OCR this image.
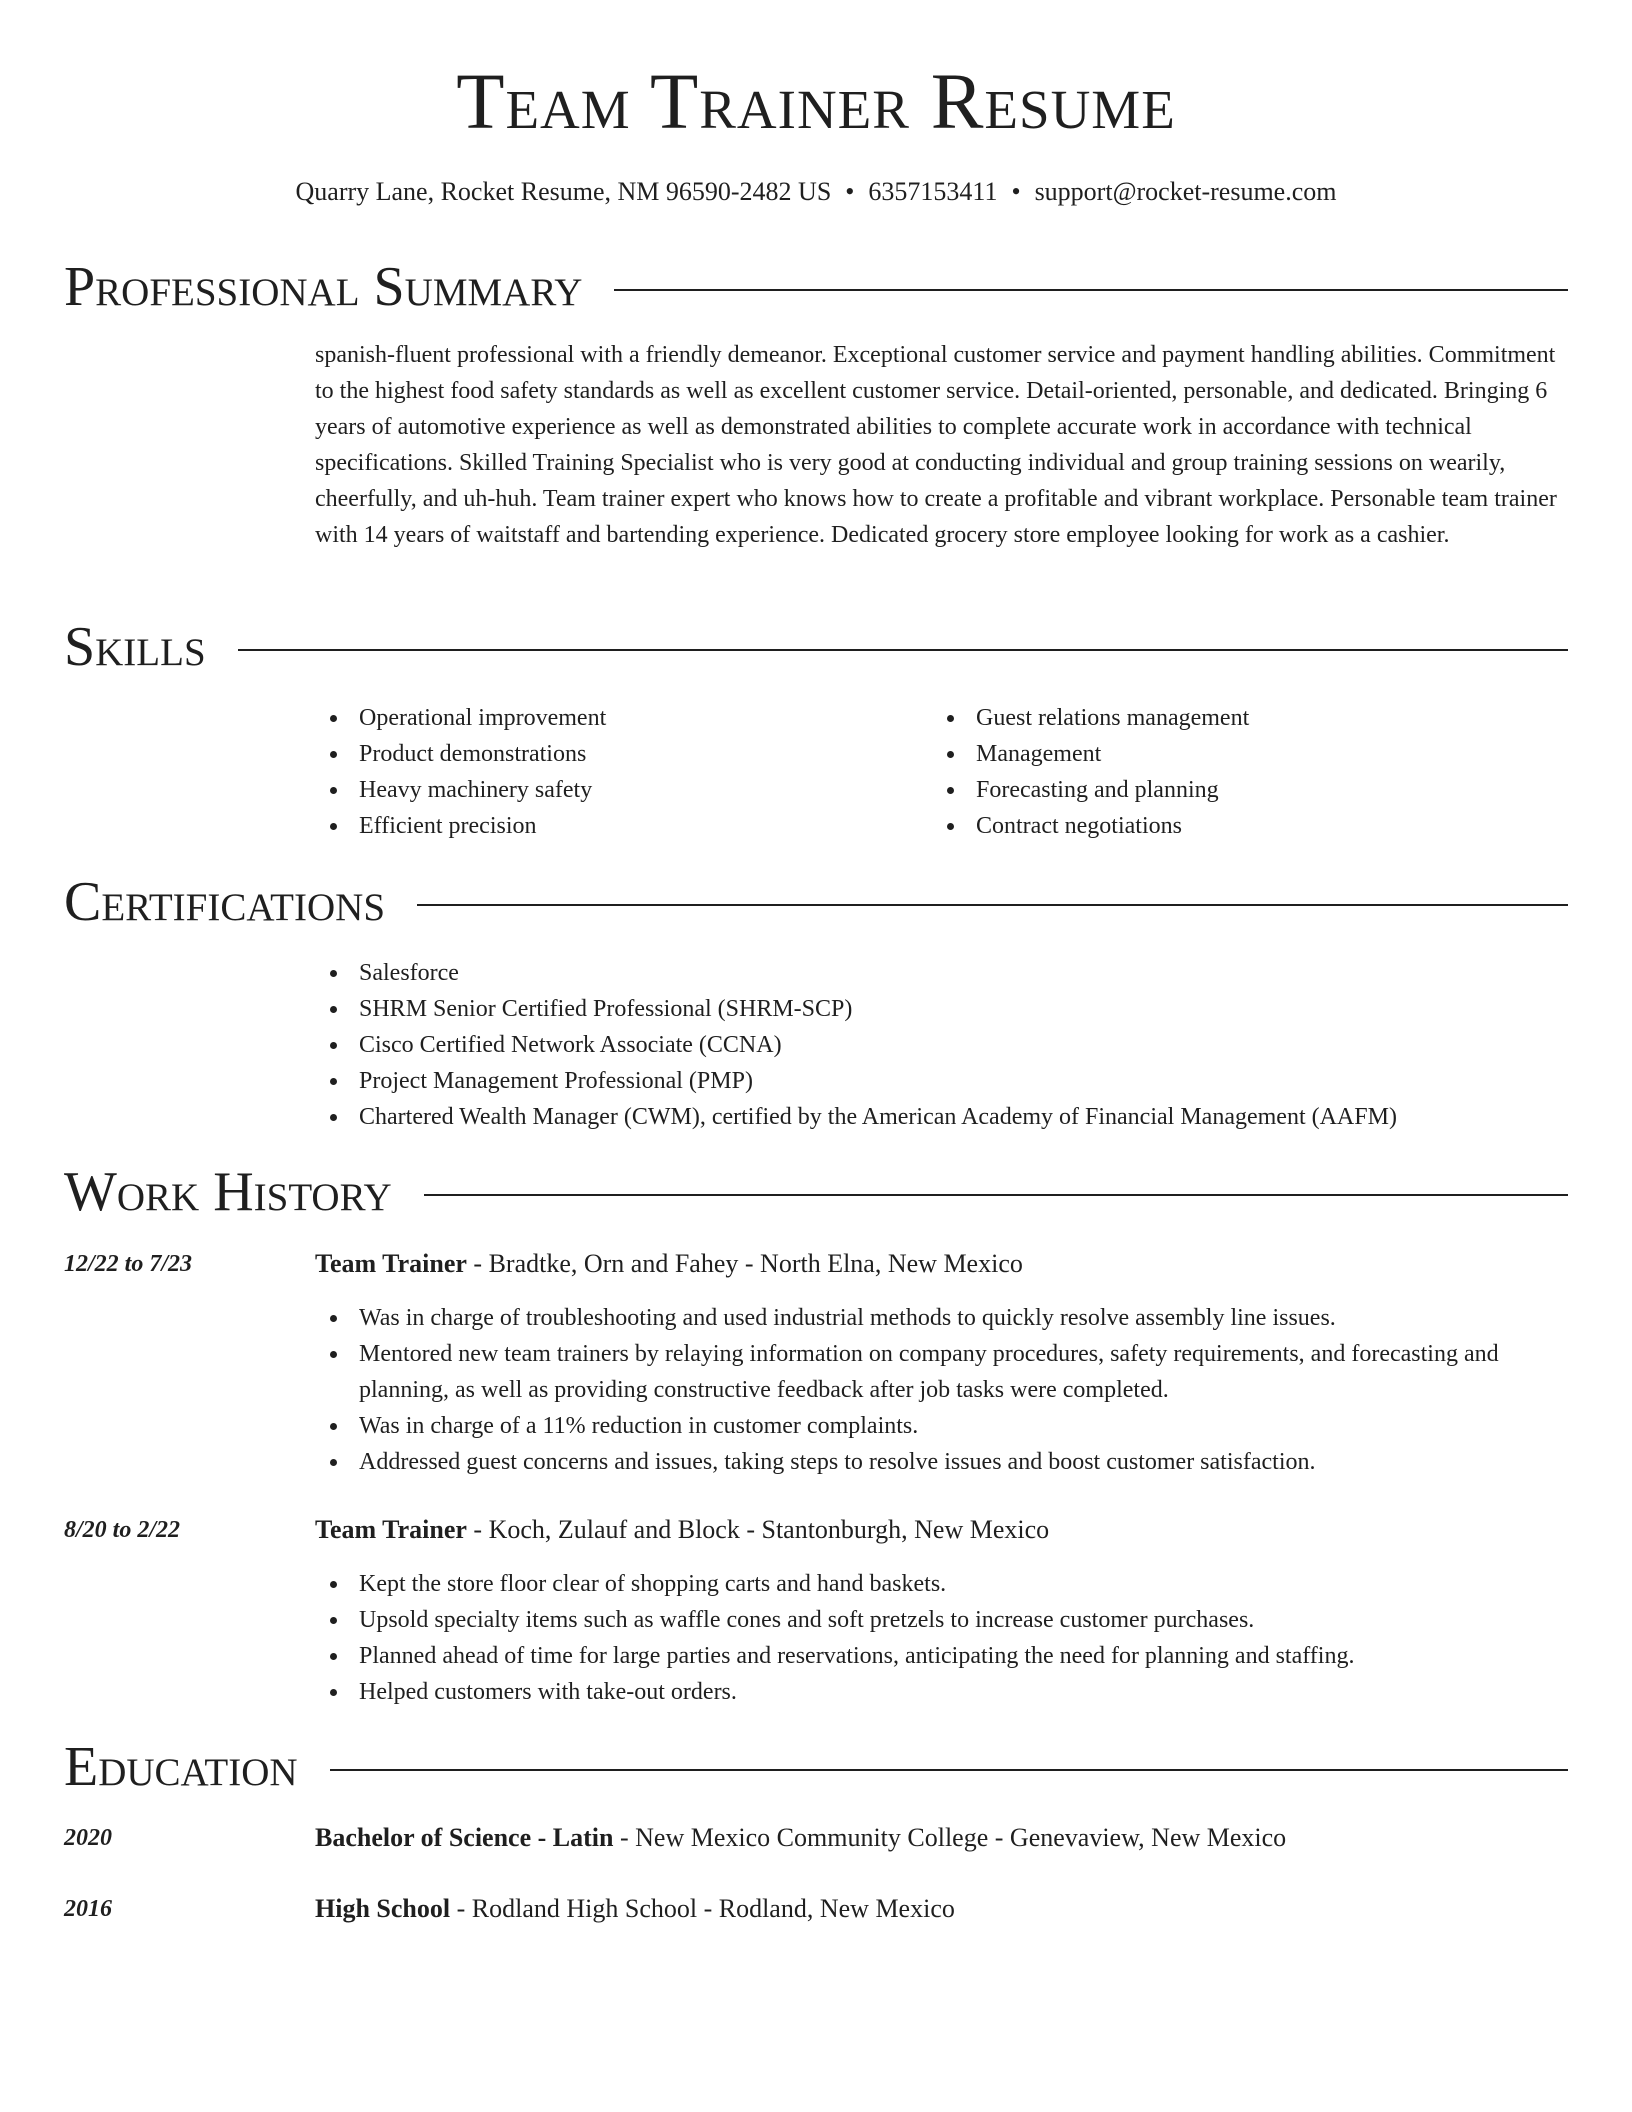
Team Trainer Resume
Quarry Lane, Rocket Resume, NM 96590-2482 US • 6357153411 • support@rocket-resume.com
Professional Summary

spanish-fluent professional with a friendly demeanor. Exceptional customer service and payment handling abilities. Commitment to the highest food safety standards as well as excellent customer service. Detail-oriented, personable, and dedicated. Bringing 6 years of automotive experience as well as demonstrated abilities to complete accurate work in accordance with technical specifications. Skilled Training Specialist who is very good at conducting individual and group training sessions on wearily, cheerfully, and uh-huh. Team trainer expert who knows how to create a profitable and vibrant workplace. Personable team trainer with 14 years of waitstaff and bartending experience. Dedicated grocery store employee looking for work as a cashier.

Skills
Operational improvement
Product demonstrations
Heavy machinery safety
Efficient precision
Guest relations management
Management
Forecasting and planning
Contract negotiations
Certifications
Salesforce
SHRM Senior Certified Professional (SHRM-SCP)
Cisco Certified Network Associate (CCNA)
Project Management Professional (PMP)
Chartered Wealth Manager (CWM), certified by the American Academy of Financial Management (AAFM)
Work History
12/22 to 7/23	Team Trainer - Bradtke, Orn and Fahey - North Elna, New Mexico
Was in charge of troubleshooting and used industrial methods to quickly resolve assembly line issues.
Mentored new team trainers by relaying information on company procedures, safety requirements, and forecasting and planning, as well as providing constructive feedback after job tasks were completed.
Was in charge of a 11% reduction in customer complaints.
Addressed guest concerns and issues, taking steps to resolve issues and boost customer satisfaction.
8/20 to 2/22	Team Trainer - Koch, Zulauf and Block - Stantonburgh, New Mexico
Kept the store floor clear of shopping carts and hand baskets.
Upsold specialty items such as waffle cones and soft pretzels to increase customer purchases.
Planned ahead of time for large parties and reservations, anticipating the need for planning and staffing.
Helped customers with take-out orders.
Education
2020	Bachelor of Science - Latin - New Mexico Community College - Genevaview, New Mexico
2016	High School - Rodland High School - Rodland, New Mexico
